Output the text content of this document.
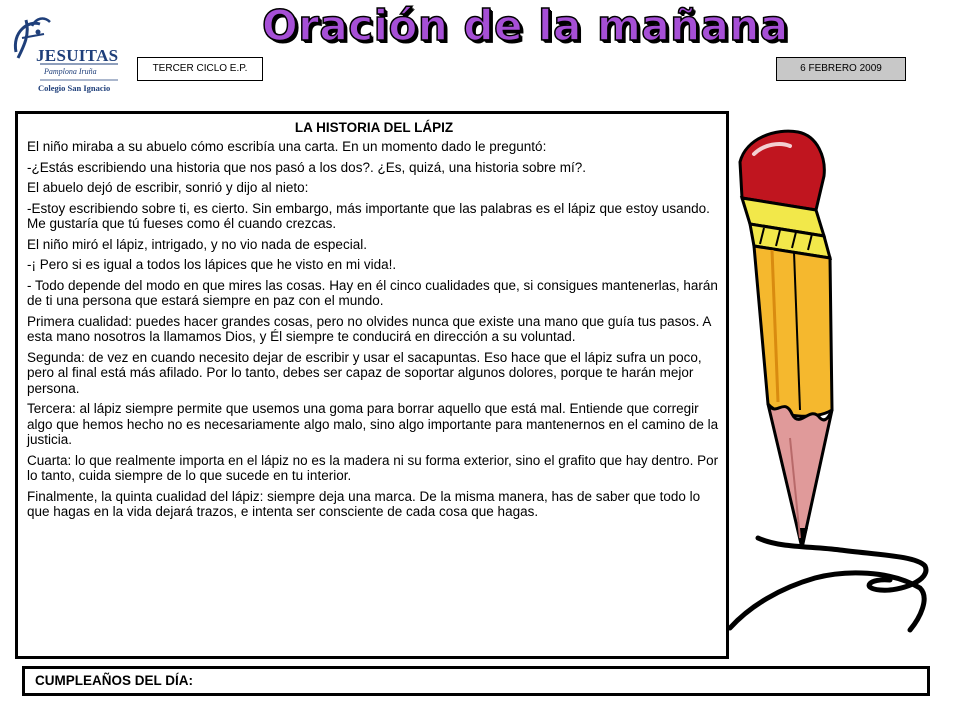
JESUITAS
Pamplona Iruña
Colegio San Ignacio
Oración de la mañana
TERCER CICLO E.P.	6 FEBRERO 2009
LA HISTORIA DEL LÁPIZ

El niño miraba a su abuelo cómo escribía una carta. En un momento dado le preguntó:

-¿Estás escribiendo una historia que nos pasó a los dos?. ¿Es, quizá, una historia sobre mí?.

El abuelo dejó de escribir, sonrió y dijo al nieto:

-Estoy escribiendo sobre ti, es cierto. Sin embargo, más importante que las palabras es el lápiz que estoy usando. Me gustaría que tú fueses como él cuando crezcas.

El niño miró el lápiz, intrigado, y no vio nada de especial.

-¡ Pero si es igual a todos los lápices que he visto en mi vida!.

- Todo depende del modo en que mires las cosas. Hay en él cinco cualidades que, si consigues mantenerlas, harán de ti una persona que estará siempre en paz con el mundo.

Primera cualidad: puedes hacer grandes cosas, pero no olvides nunca que existe una mano que guía tus pasos. A esta mano nosotros la llamamos Dios, y Él siempre te conducirá en dirección a su voluntad.

Segunda: de vez en cuando necesito dejar de escribir y usar el sacapuntas. Eso hace que el lápiz sufra un poco, pero al final está más afilado. Por lo tanto, debes ser capaz de soportar algunos dolores, porque te harán mejor persona.

Tercera: al lápiz siempre permite que usemos una goma para borrar aquello que está mal. Entiende que corregir algo que hemos hecho no es necesariamente algo malo, sino algo importante para mantenernos en el camino de la justicia.

Cuarta: lo que realmente importa en el lápiz no es la madera ni su forma exterior, sino el grafito que hay dentro. Por lo tanto, cuida siempre de lo que sucede en tu interior.

Finalmente, la quinta cualidad del lápiz: siempre deja una marca. De la misma manera, has de saber que todo lo que hagas en la vida dejará trazos, e intenta ser consciente de cada cosa que hagas.

CUMPLEAÑOS DEL DÍA:
